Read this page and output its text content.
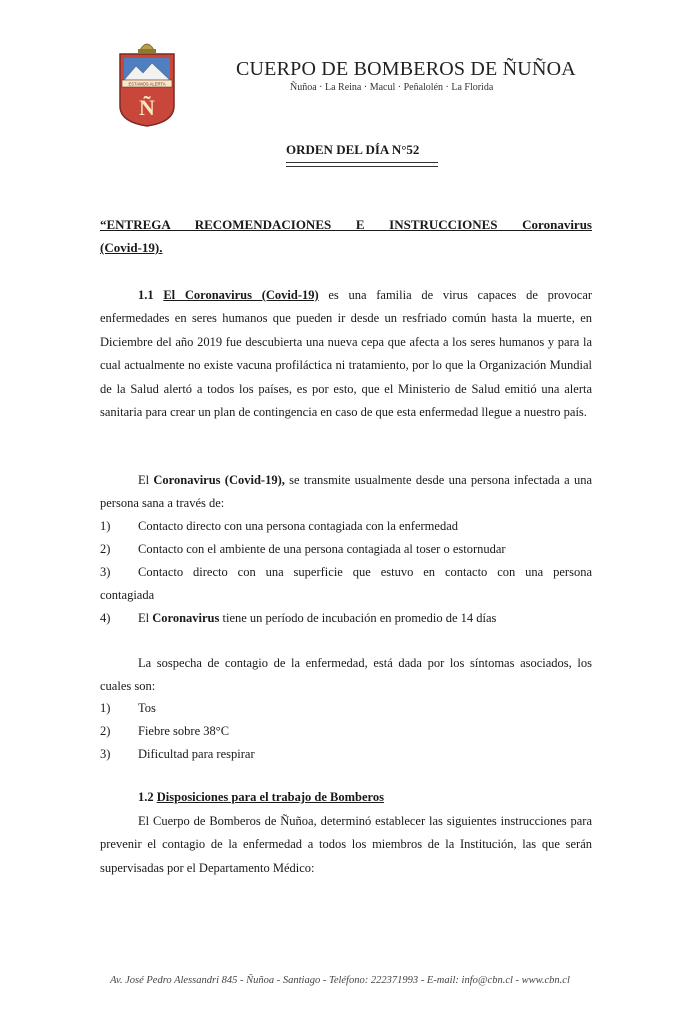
ESTAMOS ALERTA
Ñ
CUERPO DE BOMBEROS DE ÑUÑOA
Ñuñoa · La Reina · Macul · Peñalolén · La Florida
ORDEN DEL DÍA N°52
“ENTREGA RECOMENDACIONES E INSTRUCCIONES Coronavirus
(Covid-19).
1.1 El Coronavirus (Covid-19) es una familia de virus capaces de provocar enfermedades en seres humanos que pueden ir desde un resfriado común hasta la muerte, en Diciembre del año 2019 fue descubierta una nueva cepa que afecta a los seres humanos y para la cual actualmente no existe vacuna profiláctica ni tratamiento, por lo que la Organización Mundial de la Salud alertó a todos los países, es por esto, que el Ministerio de Salud emitió una alerta sanitaria para crear un plan de contingencia en caso de que esta enfermedad llegue a nuestro país.
El Coronavirus (Covid-19), se transmite usualmente desde una persona infectada a una persona sana a través de:
1)	Contacto directo con una persona contagiada con la enfermedad
2)	Contacto con el ambiente de una persona contagiada al toser o estornudar
3)	Contacto directo con una superficie que estuvo en contacto con una persona
contagiada
4)	El Coronavirus tiene un período de incubación en promedio de 14 días
La sospecha de contagio de la enfermedad, está dada por los síntomas asociados, los cuales son:
1)	Tos
2)	Fiebre sobre 38°C
3)	Dificultad para respirar
1.2 Disposiciones para el trabajo de Bomberos
El Cuerpo de Bomberos de Ñuñoa, determinó establecer las siguientes instrucciones para prevenir el contagio de la enfermedad a todos los miembros de la Institución, las que serán supervisadas por el Departamento Médico:
Av. José Pedro Alessandri 845 - Ñuñoa - Santiago - Teléfono: 222371993 - E-mail: info@cbn.cl - www.cbn.cl
